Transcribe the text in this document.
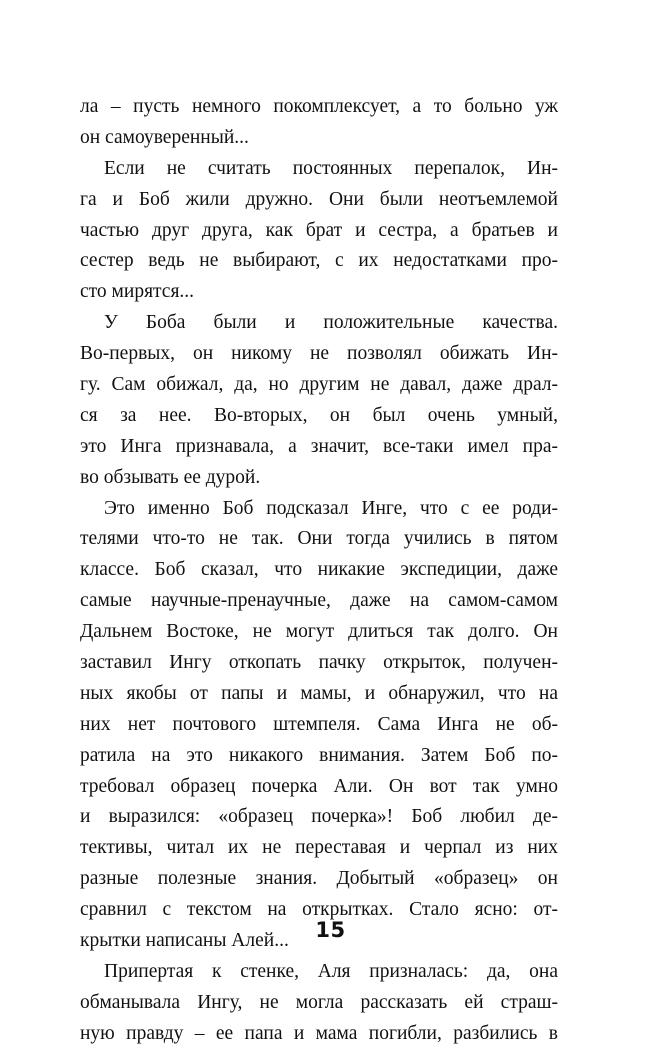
ла – пусть немного покомплексует, а то больно уж
он самоуверенный...
Если не считать постоянных перепалок, Ин-
га и Боб жили дружно. Они были неотъемлемой
частью друг друга, как брат и сестра, а братьев и
сестер ведь не выбирают, с их недостатками про-
сто мирятся...
У Боба были и положительные качества.
Во-первых, он никому не позволял обижать Ин-
гу. Сам обижал, да, но другим не давал, даже драл-
ся за нее. Во-вторых, он был очень умный,
это Инга признавала, а значит, все-таки имел пра-
во обзывать ее дурой.
Это именно Боб подсказал Инге, что с ее роди-
телями что-то не так. Они тогда учились в пятом
классе. Боб сказал, что никакие экспедиции, даже
самые научные-пренаучные, даже на самом-самом
Дальнем Востоке, не могут длиться так долго. Он
заставил Ингу откопать пачку открыток, получен-
ных якобы от папы и мамы, и обнаружил, что на
них нет почтового штемпеля. Сама Инга не об-
ратила на это никакого внимания. Затем Боб по-
требовал образец почерка Али. Он вот так умно
и выразился: «образец почерка»! Боб любил де-
тективы, читал их не переставая и черпал из них
разные полезные знания. Добытый «образец» он
сравнил с текстом на открытках. Стало ясно: от-
крытки написаны Алей...
Припертая к стенке, Аля призналась: да, она
обманывала Ингу, не могла рассказать ей страш-
ную правду – ее папа и мама погибли, разбились в
15
